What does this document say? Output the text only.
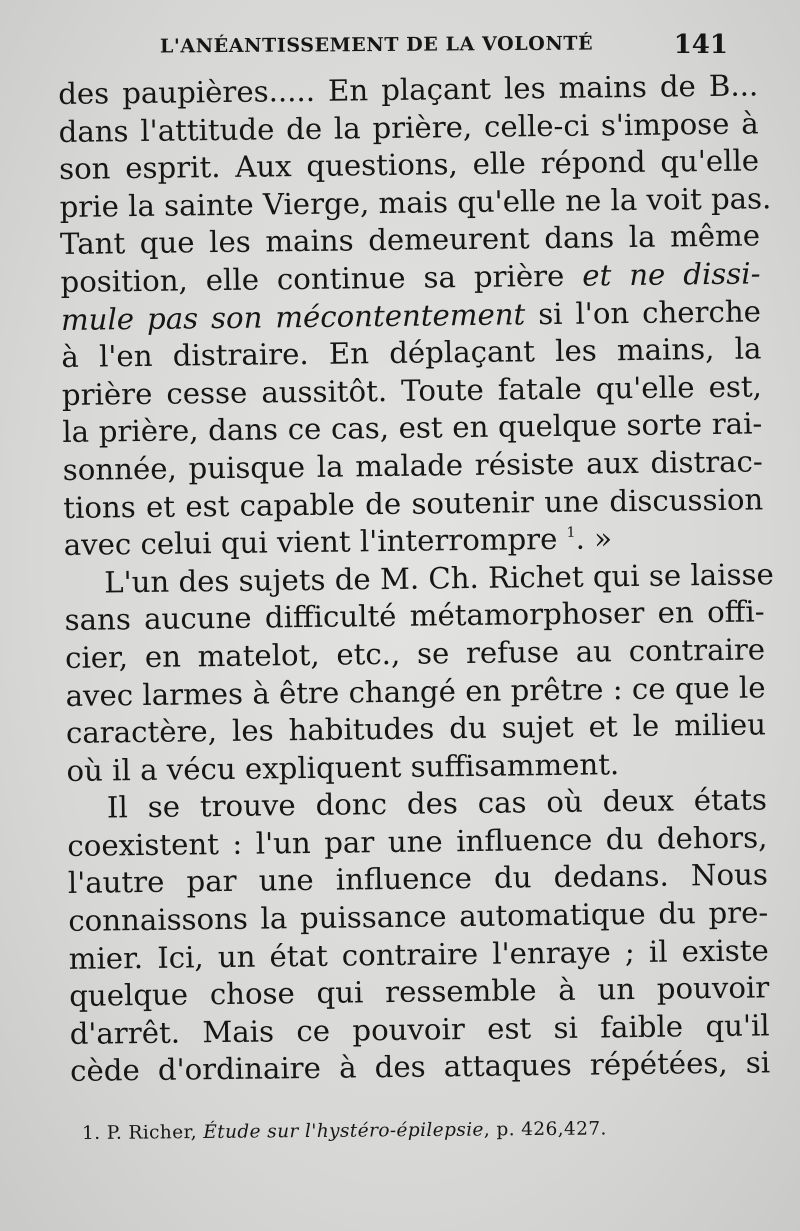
L'ANÉANTISSEMENT DE LA VOLONTÉ	141
des paupières..... En plaçant les mains de B...
dans l'attitude de la prière, celle-ci s'impose à
son esprit. Aux questions, elle répond qu'elle
prie la sainte Vierge, mais qu'elle ne la voit pas.
Tant que les mains demeurent dans la même
position, elle continue sa prière et ne dissi-
mule pas son mécontentement si l'on cherche
à l'en distraire. En déplaçant les mains, la
prière cesse aussitôt. Toute fatale qu'elle est,
la prière, dans ce cas, est en quelque sorte rai-
sonnée, puisque la malade résiste aux distrac-
tions et est capable de soutenir une discussion
avec celui qui vient l'interrompre $^1$. »
L'un des sujets de M. Ch. Richet qui se laisse
sans aucune difficulté métamorphoser en offi-
cier, en matelot, etc., se refuse au contraire
avec larmes à être changé en prêtre : ce que le
caractère, les habitudes du sujet et le milieu
où il a vécu expliquent suffisamment.
Il se trouve donc des cas où deux états
coexistent : l'un par une influence du dehors,
l'autre par une influence du dedans. Nous
connaissons la puissance automatique du pre-
mier. Ici, un état contraire l'enraye ; il existe
quelque chose qui ressemble à un pouvoir
d'arrêt. Mais ce pouvoir est si faible qu'il
cède d'ordinaire à des attaques répétées, si
1. P. Richer, Étude sur l'hystéro-épilepsie, p. 426,427.
